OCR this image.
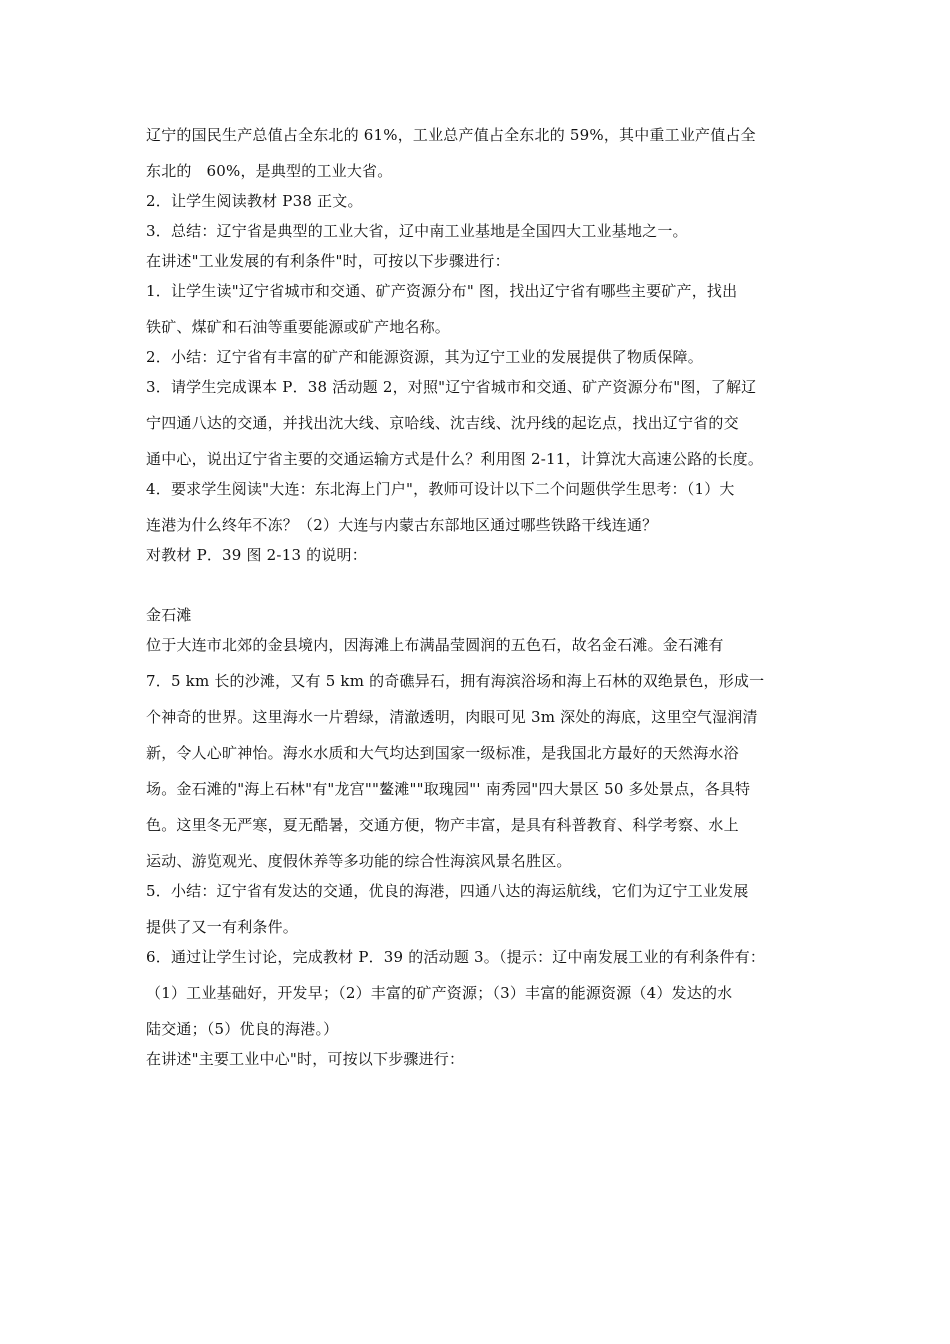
辽宁的国民生产总值占全东北的 61%，工业总产值占全东北的 59%，其中重工业产值占全
东北的   60%，是典型的工业大省。
2．让学生阅读教材 P38 正文。
3．总结：辽宁省是典型的工业大省，辽中南工业基地是全国四大工业基地之一。
在讲述"工业发展的有利条件"时，可按以下步骤进行：
1．让学生读"辽宁省城市和交通、矿产资源分布" 图，找出辽宁省有哪些主要矿产，找出
铁矿、煤矿和石油等重要能源或矿产地名称。
2．小结：辽宁省有丰富的矿产和能源资源，其为辽宁工业的发展提供了物质保障。
3．请学生完成课本 P．38 活动题 2，对照"辽宁省城市和交通、矿产资源分布"图，了解辽
宁四通八达的交通，并找出沈大线、京哈线、沈吉线、沈丹线的起讫点，找出辽宁省的交
通中心，说出辽宁省主要的交通运输方式是什么？利用图 2-11，计算沈大高速公路的长度。
4．要求学生阅读"大连：东北海上门户"，教师可设计以下二个问题供学生思考：（1）大
连港为什么终年不冻？（2）大连与内蒙古东部地区通过哪些铁路干线连通？
对教材 P．39 图 2-13 的说明：
金石滩
位于大连市北郊的金县境内，因海滩上布满晶莹圆润的五色石，故名金石滩。金石滩有
7．5 km 长的沙滩，又有 5 km 的奇礁异石，拥有海滨浴场和海上石林的双绝景色，形成一
个神奇的世界。这里海水一片碧绿，清澈透明，肉眼可见 3m 深处的海底，这里空气湿润清
新，令人心旷神怡。海水水质和大气均达到国家一级标准，是我国北方最好的天然海水浴
场。金石滩的"海上石林"有"龙宫""鳌滩""取瑰园"' 南秀园"四大景区 50 多处景点，各具特
色。这里冬无严寒，夏无酷暑，交通方便，物产丰富，是具有科普教育、科学考察、水上
运动、游览观光、度假休养等多功能的综合性海滨风景名胜区。
5．小结：辽宁省有发达的交通，优良的海港，四通八达的海运航线，它们为辽宁工业发展
提供了又一有利条件。
6．通过让学生讨论，完成教材 P．39 的活动题 3。（提示：辽中南发展工业的有利条件有：
（1）工业基础好，开发早；（2）丰富的矿产资源；（3）丰富的能源资源（4）发达的水
陆交通；（5）优良的海港。）
在讲述"主要工业中心"时，可按以下步骤进行：
